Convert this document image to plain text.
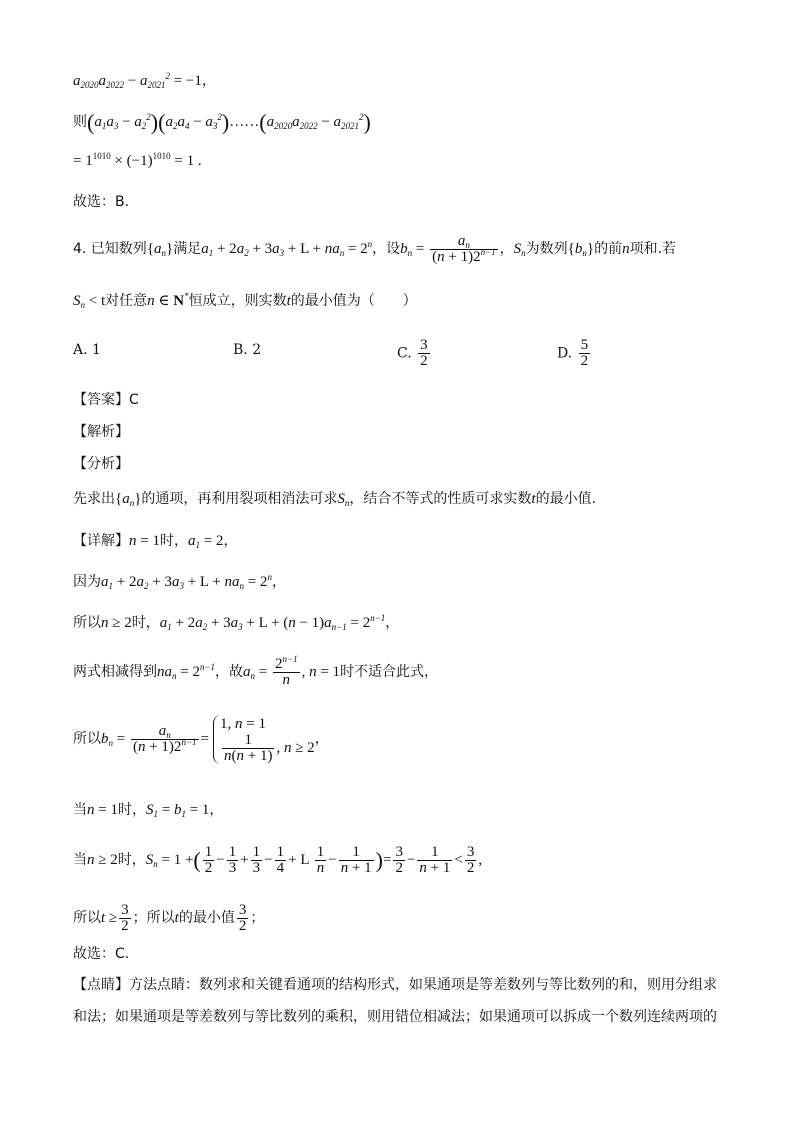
$a_{2020}a_{2022} - a_{2021}^2 = -1$，
则$(a_1a_3 - a_2^2)(a_2a_4$ − $a_3^2)\dots\dots(a_{2020}a_{2022} - a_{2021}^2)$
= $1^{1010} \times (-1)^{1010} = 1$ .
故选：B.
4. 已知数列$\{a_n\}$满足$a_1 + 2a_2 + 3a_3 + L + na_n = 2^n$，设$b_n = \frac{a_n}{(n + 1)2^{n-1}}$ ，$S_n$为数列$\{b_n\}$的前n项和.若
$S_n < t$对任意n ∈ N*恒成立，则实数t的最小值为（　　）
A. 1	B. 2	C. $\frac{3}{2}$	D. $\frac{5}{2}$
【答案】C
【解析】
【分析】
先求出$\{a_n\}$的通项，再利用裂项相消法可求$S_n$，结合不等式的性质可求实数t的最小值.
【详解】n = 1时，$a_1 = 2$，
因为$a_1 + 2a_2 + 3a_3 + L + na_n = 2^n$，
所以n ≥ 2时，$a_1 + 2a_2 + 3a_3 + L + (n - 1)a_{n-1} = 2^{n-1}$，
两式相减得到$na_n = 2^{n-1}$，故$a_n = \frac{2^{n-1}}{n}$ , n = 1时不适合此式，
所以$b_n = \frac{a_n}{(n + 1)2^{n-1}}$ =
1, n = 1
$\frac{1}{n(n + 1)}$ , n ≥ 2
，
当n = 1时，$S_1 = b_1 = 1$，
当n ≥ 2时，$S_n = 1$ +( $\frac{1}{2} - \frac{1}{3} + \frac{1}{3} - \frac{1}{4} + L \frac{1}{n} - \frac{1}{n + 1}$ )= $\frac{3}{2} - \frac{1}{n + 1} < \frac{3}{2}$ ,
所以$t \ge \frac{3}{2}$ ；所以t的最小值 $\frac{3}{2}$ ；
故选：C.
【点睛】方法点睛：数列求和关键看通项的结构形式，如果通项是等差数列与等比数列的和，则用分组求
和法；如果通项是等差数列与等比数列的乘积，则用错位相减法；如果通项可以拆成一个数列连续两项的
